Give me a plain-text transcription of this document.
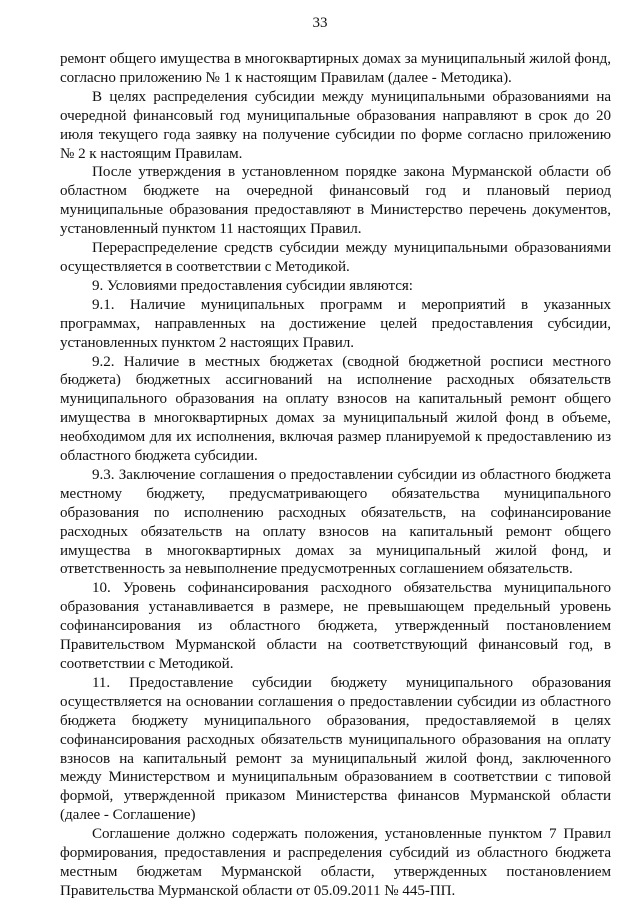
33

ремонт общего имущества в многоквартирных домах за муниципальный жилой фонд, согласно приложению № 1 к настоящим Правилам (далее - Методика).

В целях распределения субсидии между муниципальными образованиями на очередной финансовый год муниципальные образования направляют в срок до 20 июля текущего года заявку на получение субсидии по форме согласно приложению № 2 к настоящим Правилам.

После утверждения в установленном порядке закона Мурманской области об областном бюджете на очередной финансовый год и плановый период муниципальные образования предоставляют в Министерство перечень документов, установленный пунктом 11 настоящих Правил.

Перераспределение средств субсидии между муниципальными образованиями осуществляется в соответствии с Методикой.

9. Условиями предоставления субсидии являются:

9.1. Наличие муниципальных программ и мероприятий в указанных программах, направленных на достижение целей предоставления субсидии, установленных пунктом 2 настоящих Правил.

9.2. Наличие в местных бюджетах (сводной бюджетной росписи местного бюджета) бюджетных ассигнований на исполнение расходных обязательств муниципального образования на оплату взносов на капитальный ремонт общего имущества в многоквартирных домах за муниципальный жилой фонд в объеме, необходимом для их исполнения, включая размер планируемой к предоставлению из областного бюджета субсидии.

9.3. Заключение соглашения о предоставлении субсидии из областного бюджета местному бюджету, предусматривающего обязательства муниципального образования по исполнению расходных обязательств, на софинансирование расходных обязательств на оплату взносов на капитальный ремонт общего имущества в многоквартирных домах за муниципальный жилой фонд, и ответственность за невыполнение предусмотренных соглашением обязательств.

10. Уровень софинансирования расходного обязательства муниципального образования устанавливается в размере, не превышающем предельный уровень софинансирования из областного бюджета, утвержденный постановлением Правительством Мурманской области на соответствующий финансовый год, в соответствии с Методикой.

11. Предоставление субсидии бюджету муниципального образования осуществляется на основании соглашения о предоставлении субсидии из областного бюджета бюджету муниципального образования, предоставляемой в целях софинансирования расходных обязательств муниципального образования на оплату взносов на капитальный ремонт за муниципальный жилой фонд, заключенного между Министерством и муниципальным образованием в соответствии с типовой формой, утвержденной приказом Министерства финансов Мурманской области (далее - Соглашение)

Соглашение должно содержать положения, установленные пунктом 7 Правил формирования, предоставления и распределения субсидий из областного бюджета местным бюджетам Мурманской области, утвержденных постановлением Правительства Мурманской области от 05.09.2011 № 445-ПП.
